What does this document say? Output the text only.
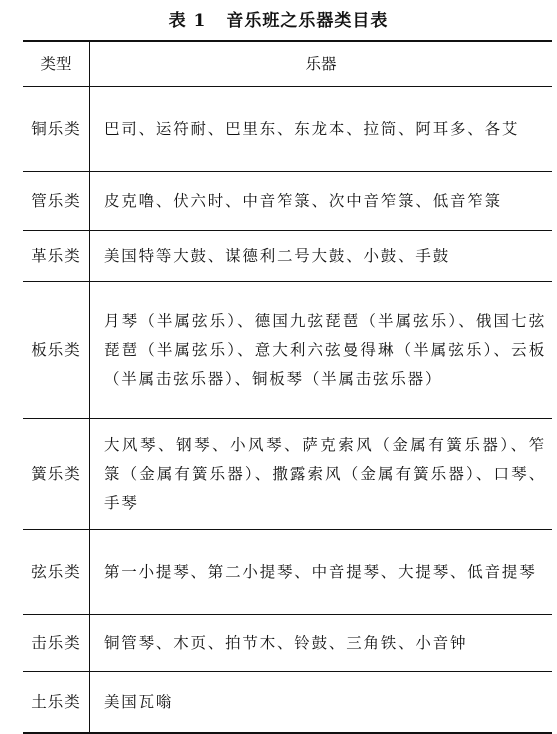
表 1 音乐班之乐器类目表
类型	乐器
铜乐类	巴司、运符耐、巴里东、东龙本、拉筒、阿耳多、各艾
管乐类	皮克噜、伏六时、中音笮箓、次中音笮箓、低音笮箓
革乐类	美国特等大鼓、谋德利二号大鼓、小鼓、手鼓
板乐类	月琴（半属弦乐）、德国九弦琵琶（半属弦乐）、俄国七弦琵琶（半属弦乐）、意大利六弦曼得琳（半属弦乐）、云板（半属击弦乐器）、铜板琴（半属击弦乐器）
簧乐类	大风琴、钢琴、小风琴、萨克索风（金属有簧乐器）、笮箓（金属有簧乐器）、撒露索风（金属有簧乐器）、口琴、手琴
弦乐类	第一小提琴、第二小提琴、中音提琴、大提琴、低音提琴
击乐类	铜管琴、木页、拍节木、铃鼓、三角铁、小音钟
土乐类	美国瓦嗡
